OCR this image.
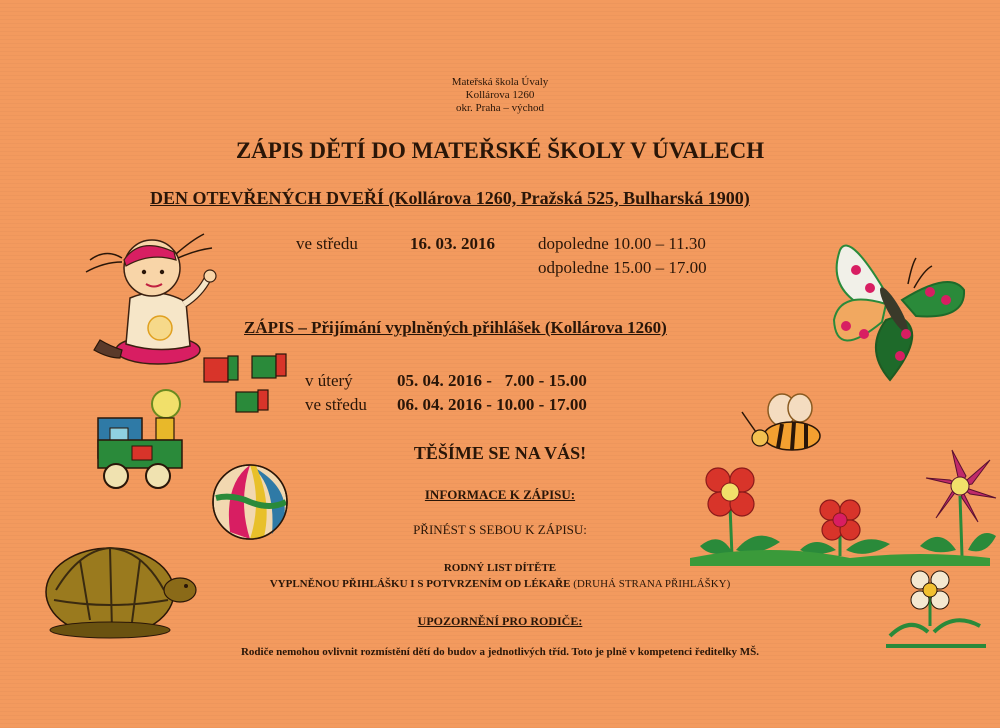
Mateřská škola Úvaly
Kollárova 1260
okr. Praha – východ
ZÁPIS DĚTÍ DO MATEŘSKÉ ŠKOLY V ÚVALECH
DEN OTEVŘENÝCH DVEŘÍ (Kollárova 1260, Pražská 525, Bulharská 1900)
ve středu	16. 03. 2016	dopoledne 10.00 – 11.30
odpoledne 15.00 – 17.00
ZÁPIS – Přijímání vyplněných přihlášek (Kollárova 1260)
v úterý	05. 04. 2016 -   7.00 - 15.00
ve středu 06. 04. 2016 - 10.00 - 17.00
TĚŠÍME SE NA VÁS!
INFORMACE K ZÁPISU:
PŘINÉST S SEBOU K ZÁPISU:
RODNÝ LIST DÍTĚTE
VYPLNĚNOU PŘIHLÁŠKU I S POTVRZENÍM OD LÉKAŘE (DRUHÁ STRANA PŘIHLÁŠKY)
UPOZORNĚNÍ PRO RODIČE:
Rodiče nemohou ovlivnit rozmístění dětí do budov a jednotlivých tříd. Toto je plně v kompetenci ředitelky MŠ.
